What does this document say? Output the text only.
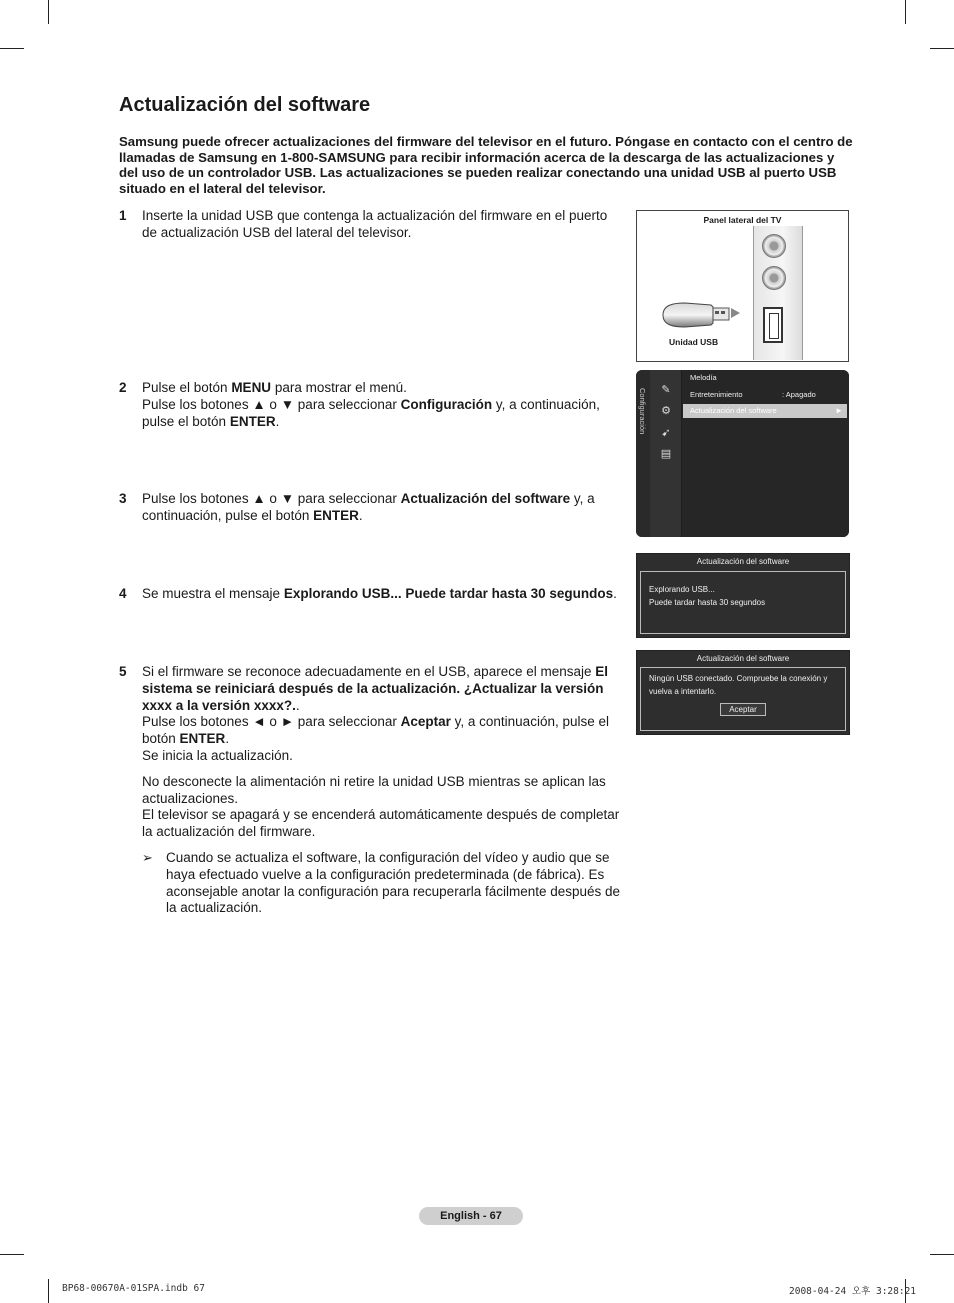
Actualización del software

Samsung puede ofrecer actualizaciones del firmware del televisor en el futuro. Póngase en contacto con el centro de llamadas de Samsung en 1-800-SAMSUNG para recibir información acerca de la descarga de las actualizaciones y del uso de un controlador USB. Las actualizaciones se pueden realizar conectando una unidad USB al puerto USB situado en el lateral del televisor.

1 Inserte la unidad USB que contenga la actualización del firmware en el puerto de actualización USB del lateral del televisor.

2 Pulse el botón MENU para mostrar el menú.

Pulse los botones ▲ o ▼ para seleccionar Configuración y, a continuación, pulse el botón ENTER.

3 Pulse los botones ▲ o ▼ para seleccionar Actualización del software y, a continuación, pulse el botón ENTER.

4 Se muestra el mensaje Explorando USB... Puede tardar hasta 30 segundos.

5 Si el firmware se reconoce adecuadamente en el USB, aparece el mensaje El sistema se reiniciará después de la actualización. ¿Actualizar la versión xxxx a la versión xxxx?..
Pulse los botones ◄ o ► para seleccionar Aceptar y, a continuación, pulse el botón ENTER.
Se inicia la actualización.

No desconecte la alimentación ni retire la unidad USB mientras se aplican las actualizaciones.

El televisor se apagará y se encenderá automáticamente después de completar la actualización del firmware.

➢ Cuando se actualiza el software, la configuración del vídeo y audio que se haya efectuado vuelve a la configuración predeterminada (de fábrica). Es aconsejable anotar la configuración para recuperarla fácilmente después de la actualización.
Panel lateral del TV
Unidad USB
Configuración ✎
⚙
➹
▤
Melodía
Entretenimiento	: Apagado
Actualización del software	►
Actualización del software
Explorando USB...
Puede tardar hasta 30 segundos
Actualización del software
Ningún USB conectado. Compruebe la conexión y vuelva a intentarlo.
Aceptar
English - 67
BP68-00670A-01SPA.indb 67	2008-04-24 오후 3:28:21
